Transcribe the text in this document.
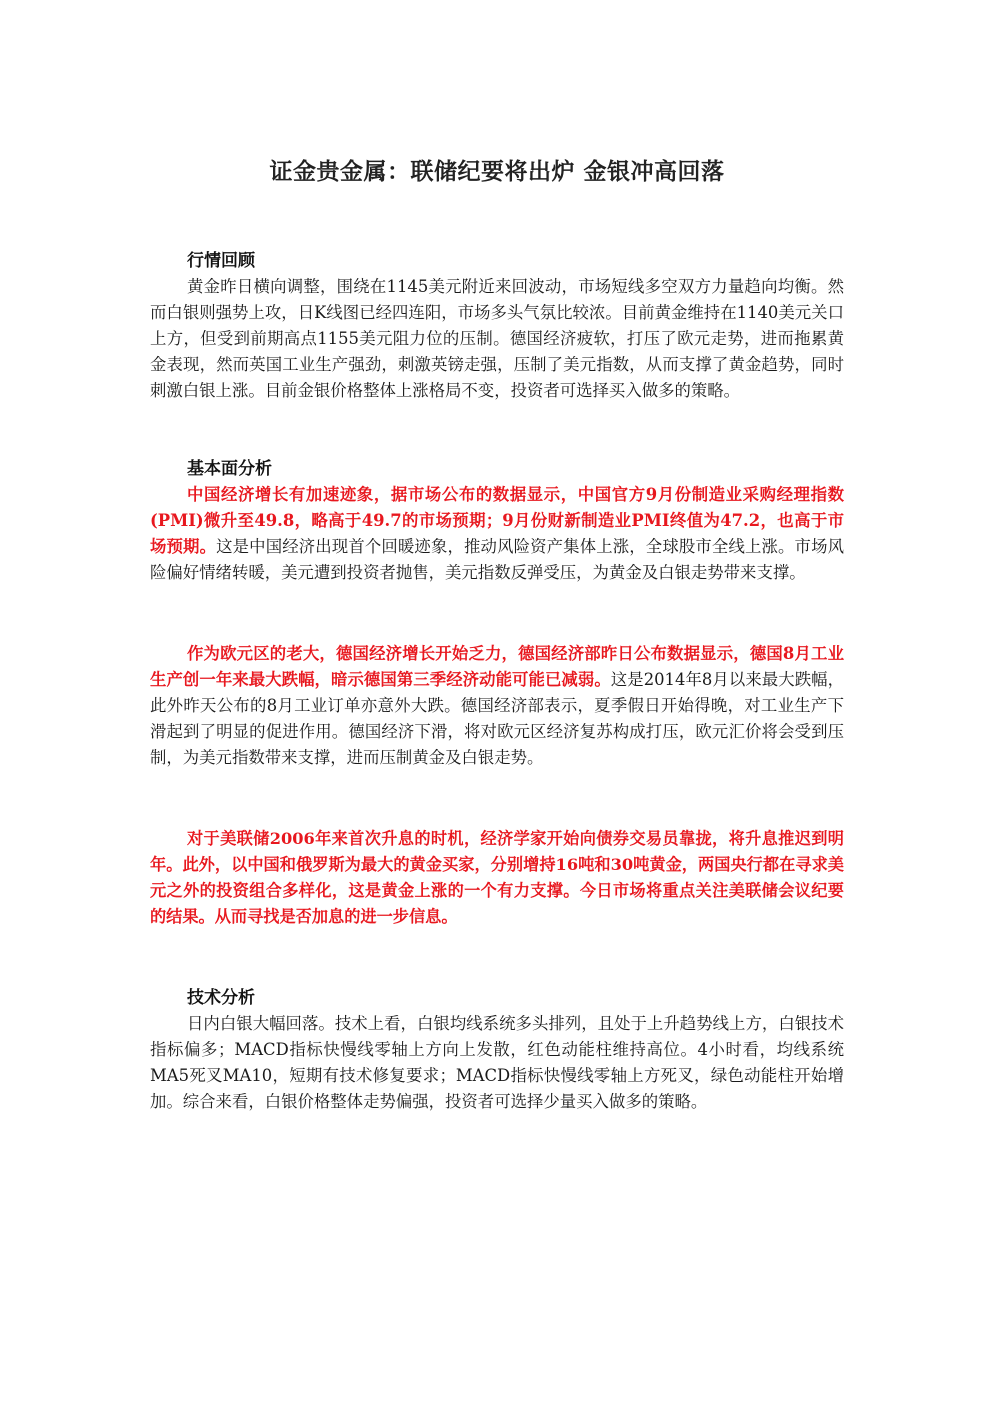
证金贵金属：联储纪要将出炉 金银冲高回落
行情回顾

黄金昨日横向调整，围绕在1145美元附近来回波动，市场短线多空双方力量趋向均衡。然而白银则强势上攻，日K线图已经四连阳，市场多头气氛比较浓。目前黄金维持在1140美元关口上方，但受到前期高点1155美元阻力位的压制。德国经济疲软，打压了欧元走势，进而拖累黄金表现，然而英国工业生产强劲，刺激英镑走强，压制了美元指数，从而支撑了黄金趋势，同时刺激白银上涨。目前金银价格整体上涨格局不变，投资者可选择买入做多的策略。

基本面分析

中国经济增长有加速迹象，据市场公布的数据显示，中国官方9月份制造业采购经理指数(PMI)微升至49.8，略高于49.7的市场预期；9月份财新制造业PMI终值为47.2，也高于市场预期。这是中国经济出现首个回暖迹象，推动风险资产集体上涨，全球股市全线上涨。市场风险偏好情绪转暖，美元遭到投资者抛售，美元指数反弹受压，为黄金及白银走势带来支撑。

作为欧元区的老大，德国经济增长开始乏力，德国经济部昨日公布数据显示，德国8月工业生产创一年来最大跌幅，暗示德国第三季经济动能可能已减弱。这是2014年8月以来最大跌幅，此外昨天公布的8月工业订单亦意外大跌。德国经济部表示，夏季假日开始得晚，对工业生产下滑起到了明显的促进作用。德国经济下滑，将对欧元区经济复苏构成打压，欧元汇价将会受到压制，为美元指数带来支撑，进而压制黄金及白银走势。

对于美联储2006年来首次升息的时机，经济学家开始向债券交易员靠拢，将升息推迟到明年。此外，以中国和俄罗斯为最大的黄金买家，分别增持16吨和30吨黄金，两国央行都在寻求美元之外的投资组合多样化，这是黄金上涨的一个有力支撑。今日市场将重点关注美联储会议纪要的结果。从而寻找是否加息的进一步信息。

技术分析

日内白银大幅回落。技术上看，白银均线系统多头排列，且处于上升趋势线上方，白银技术指标偏多；MACD指标快慢线零轴上方向上发散，红色动能柱维持高位。4小时看，均线系统MA5死叉MA10，短期有技术修复要求；MACD指标快慢线零轴上方死叉，绿色动能柱开始增加。综合来看，白银价格整体走势偏强，投资者可选择少量买入做多的策略。
